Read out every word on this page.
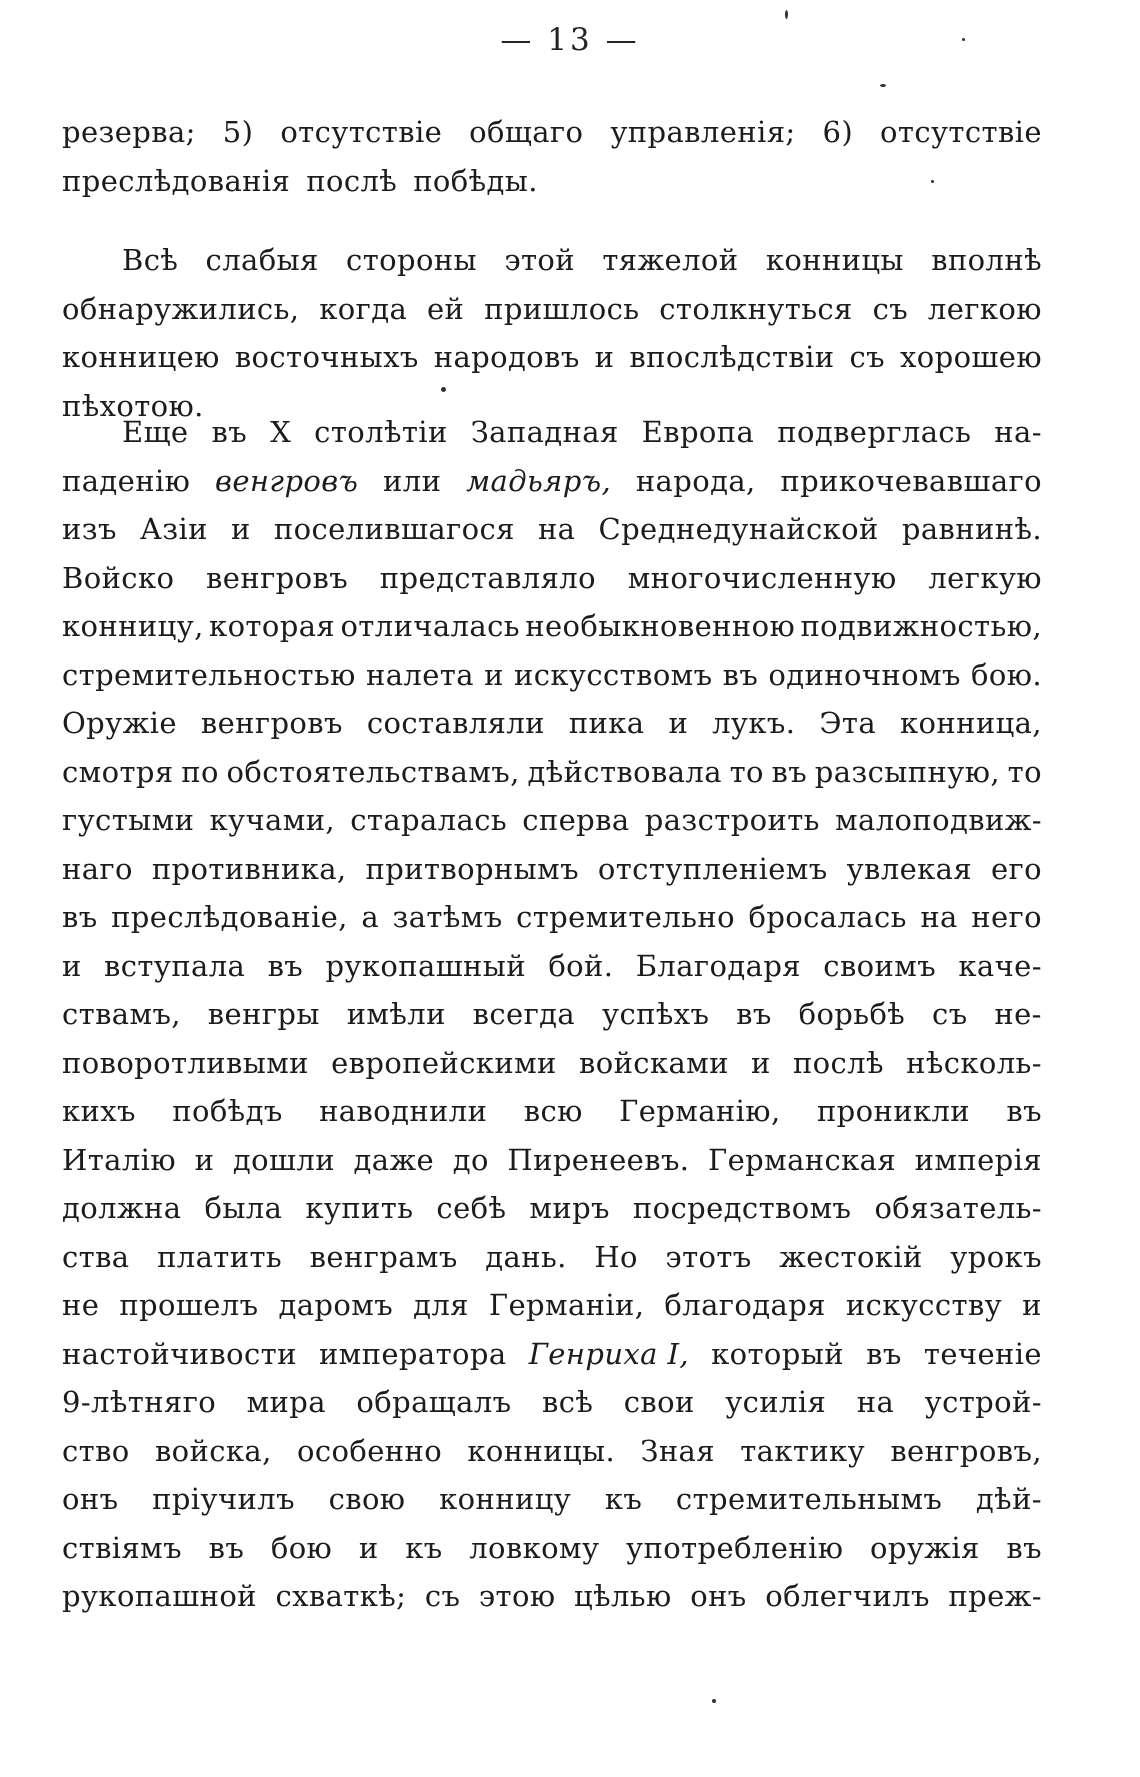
— 13 —
резерва; 5) отсутствіе общаго управленія; 6) отсутствіе
преслѣдованія послѣ побѣды.
Всѣ слабыя стороны этой тяжелой конницы вполнѣ
обнаружились, когда ей пришлось столкнуться съ легкою
конницею восточныхъ народовъ и впослѣдствіи съ хорошею
пѣхотою.
Еще въ X столѣтіи Западная Европа подверглась на-
паденію венгровъ или мадьяръ, народа, прикочевавшаго
изъ Азіи и поселившагося на Среднедунайской равнинѣ.
Войско венгровъ представляло многочисленную легкую
конницу, которая отличалась необыкновенною подвижностью,
стремительностью налета и искусствомъ въ одиночномъ бою.
Оружіе венгровъ составляли пика и лукъ. Эта конница,
смотря по обстоятельствамъ, дѣйствовала то въ разсыпную, то
густыми кучами, старалась сперва разстроить малоподвиж-
наго противника, притворнымъ отступленіемъ увлекая его
въ преслѣдованіе, а затѣмъ стремительно бросалась на него
и вступала въ рукопашный бой. Благодаря своимъ каче-
ствамъ, венгры имѣли всегда успѣхъ въ борьбѣ съ не-
поворотливыми европейскими войсками и послѣ нѣсколь-
кихъ побѣдъ наводнили всю Германію, проникли въ
Италію и дошли даже до Пиренеевъ. Германская имперія
должна была купить себѣ миръ посредствомъ обязатель-
ства платить венграмъ дань. Но этотъ жестокій урокъ
не прошелъ даромъ для Германіи, благодаря искусству и
настойчивости императора Генриха I, который въ теченіе
9-лѣтняго мира обращалъ всѣ свои усилія на устрой-
ство войска, особенно конницы. Зная тактику венгровъ,
онъ пріучилъ свою конницу къ стремительнымъ дѣй-
ствіямъ въ бою и къ ловкому употребленію оружія въ
рукопашной схваткѣ; съ этою цѣлью онъ облегчилъ преж-
